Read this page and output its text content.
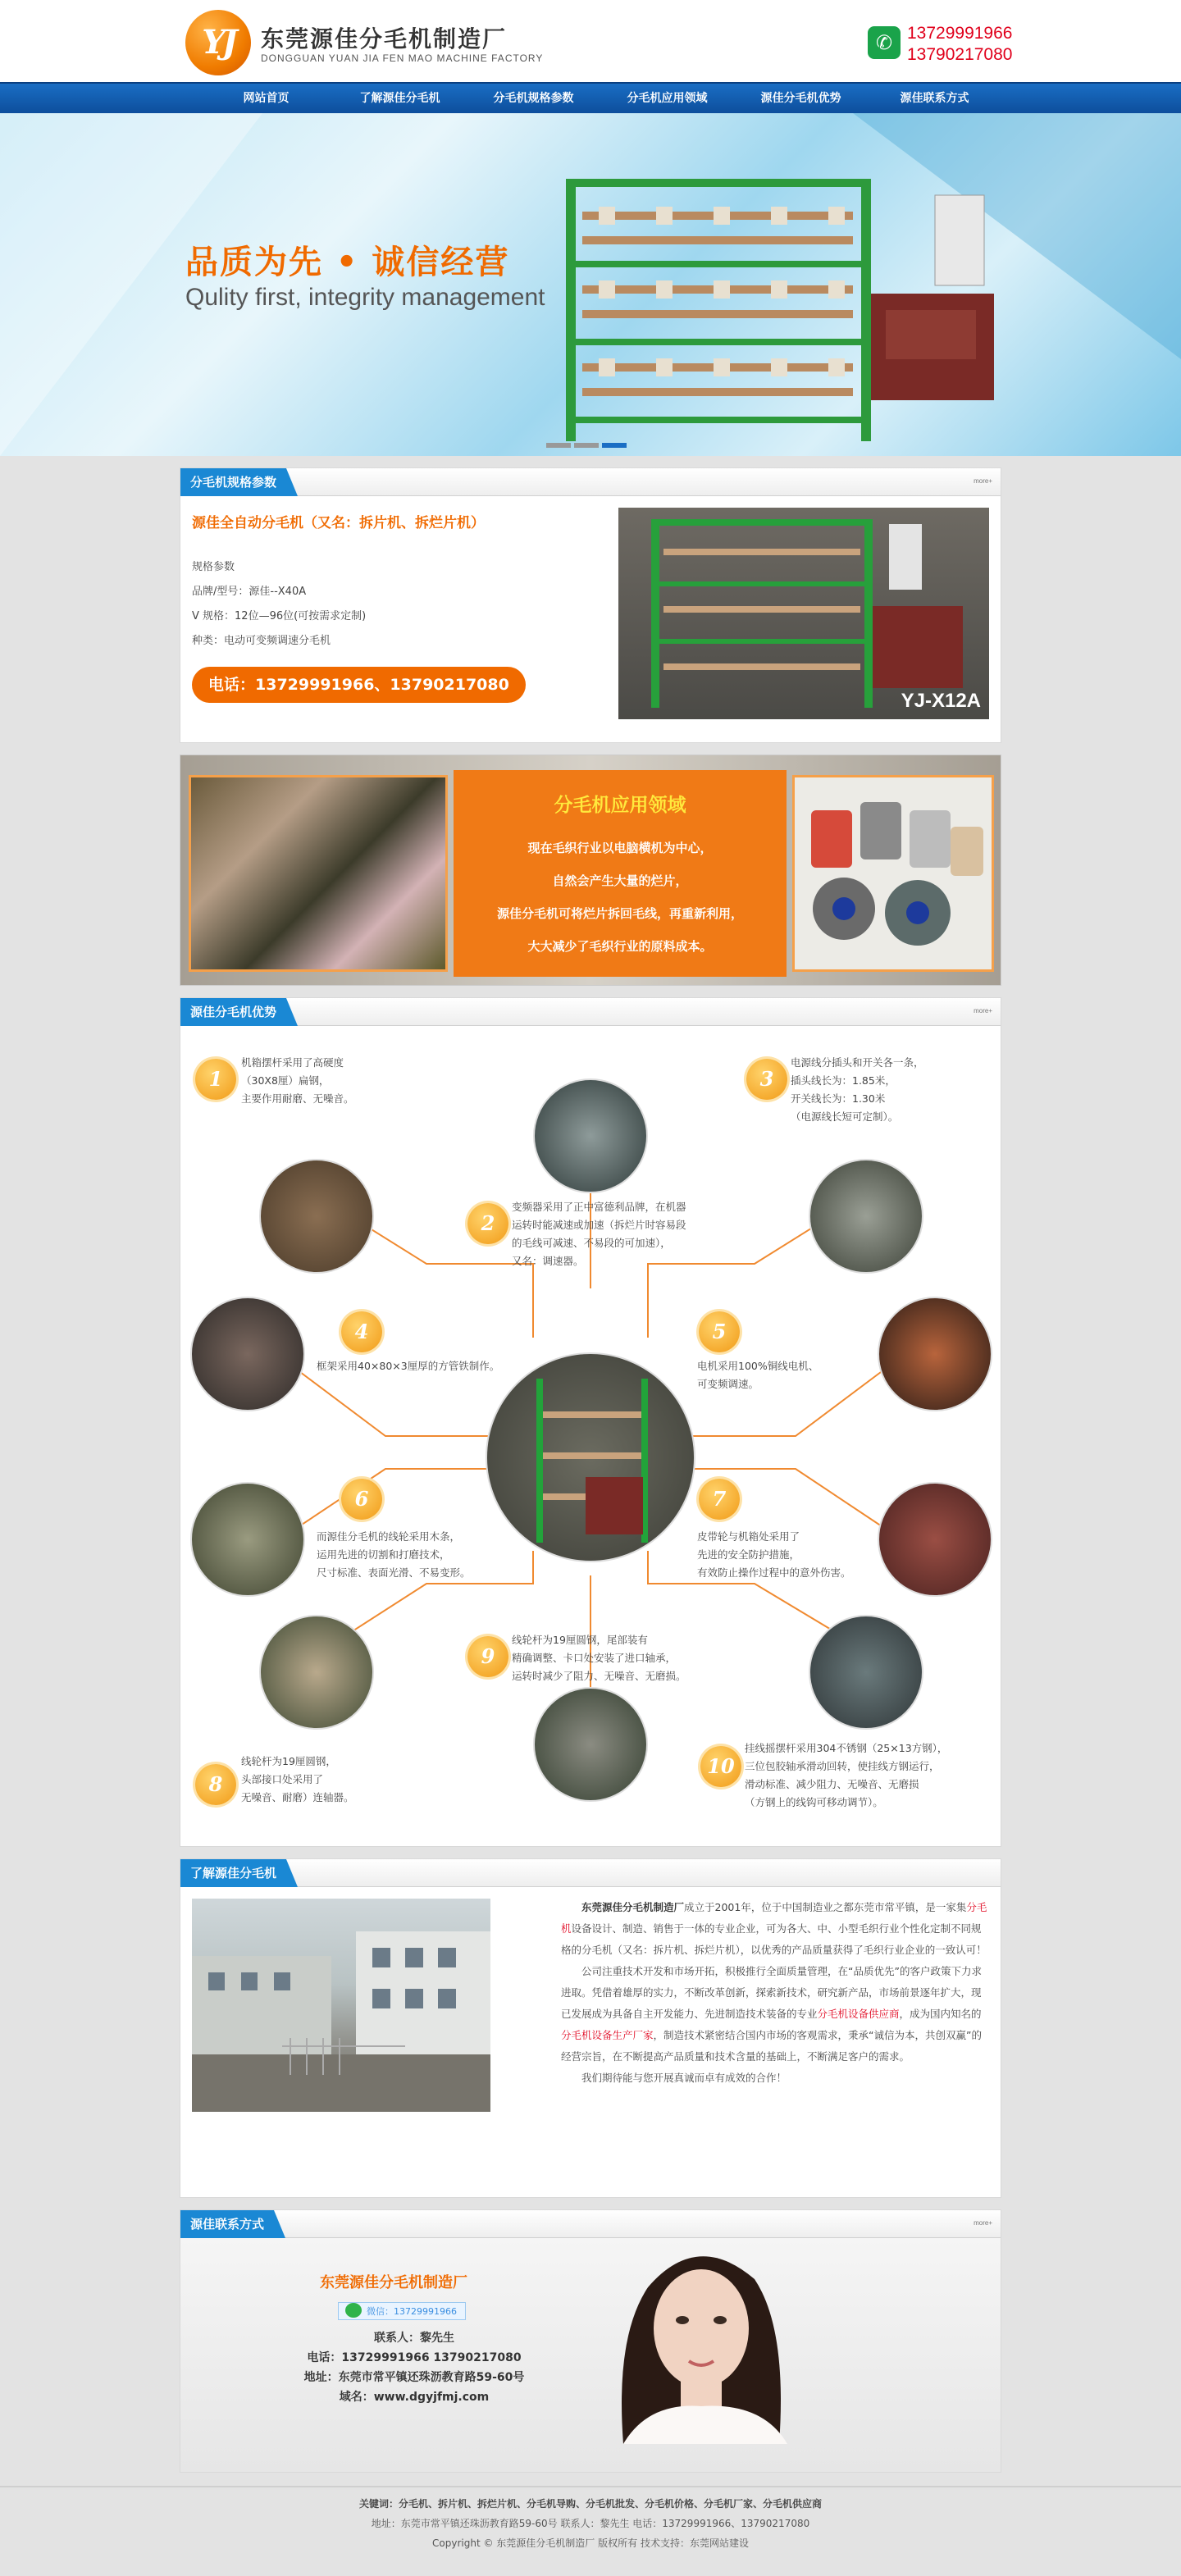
YJ	东莞源佳分毛机制造厂
DONGGUAN YUAN JIA FEN MAO MACHINE FACTORY
✆ 13729991966
13790217080
网站首页	了解源佳分毛机	分毛机规格参数	分毛机应用领域	源佳分毛机优势	源佳联系方式
品质为先 • 诚信经营
Qulity first, integrity management
分毛机规格参数	more+
源佳全自动分毛机（又名：拆片机、拆烂片机）
规格参数
品牌/型号：源佳--X40A
V 规格：12位—96位(可按需求定制)
种类：电动可变频调速分毛机
电话：13729991966、13790217080
YJ-X12A
分毛机应用领域
现在毛织行业以电脑横机为中心，
自然会产生大量的烂片，
源佳分毛机可将烂片拆回毛线，再重新利用，
大大减少了毛织行业的原料成本。
源佳分毛机优势	more+
1
机箱摆杆采用了高硬度
（30X8厘）扁钢，
主要作用耐磨、无噪音。
2
变频器采用了正中富德利品牌，在机器
运转时能减速或加速（拆烂片时容易段
的毛线可减速、不易段的可加速），
又名：调速器。
3
电源线分插头和开关各一条，
插头线长为：1.85米，
开关线长为：1.30米
（电源线长短可定制）。
4
框架采用40×80×3厘厚的方管铁制作。
5
电机采用100%铜线电机、
可变频调速。
6
而源佳分毛机的线轮采用木条，
运用先进的切割和打磨技术，
尺寸标准、表面光滑、不易变形。
7
皮带轮与机箱处采用了
先进的安全防护措施，
有效防止操作过程中的意外伤害。
8
线轮杆为19厘圆钢，
头部接口处采用了
无噪音、耐磨）连轴器。
9
线轮杆为19厘圆钢，尾部装有
精确调整、卡口处安装了进口轴承，
运转时减少了阻力、无噪音、无磨损。
10
挂线摇摆杆采用304不锈钢（25×13方钢），
三位包胶轴承滑动回转，使挂线方钢运行，
滑动标准、减少阻力、无噪音、无磨损
（方钢上的线钩可移动调节）。
了解源佳分毛机

东莞源佳分毛机制造厂成立于2001年，位于中国制造业之都东莞市常平镇，是一家集分毛机设备设计、制造、销售于一体的专业企业，可为各大、中、小型毛织行业个性化定制不同规格的分毛机（又名：拆片机、拆烂片机），以优秀的产品质量获得了毛织行业企业的一致认可！

公司注重技术开发和市场开拓，积极推行全面质量管理，在“品质优先”的客户政策下力求进取。凭借着雄厚的实力，不断改革创新，探索新技术，研究新产品，市场前景逐年扩大，现已发展成为具备自主开发能力、先进制造技术装备的专业分毛机设备供应商，成为国内知名的分毛机设备生产厂家，制造技术紧密结合国内市场的客观需求，秉承“诚信为本，共创双赢”的经营宗旨，在不断提高产品质量和技术含量的基础上，不断满足客户的需求。

我们期待能与您开展真诚而卓有成效的合作！

源佳联系方式	more+
东莞源佳分毛机制造厂
微信：13729991966
联系人：黎先生
电话：13729991966 13790217080
地址：东莞市常平镇还珠沥教育路59-60号
域名：www.dgyjfmj.com
关键词：分毛机、拆片机、拆烂片机、分毛机导购、分毛机批发、分毛机价格、分毛机厂家、分毛机供应商
地址：东莞市常平镇还珠沥教育路59-60号 联系人：黎先生 电话：13729991966、13790217080
Copyright © 东莞源佳分毛机制造厂 版权所有 技术支持：东莞网站建设
